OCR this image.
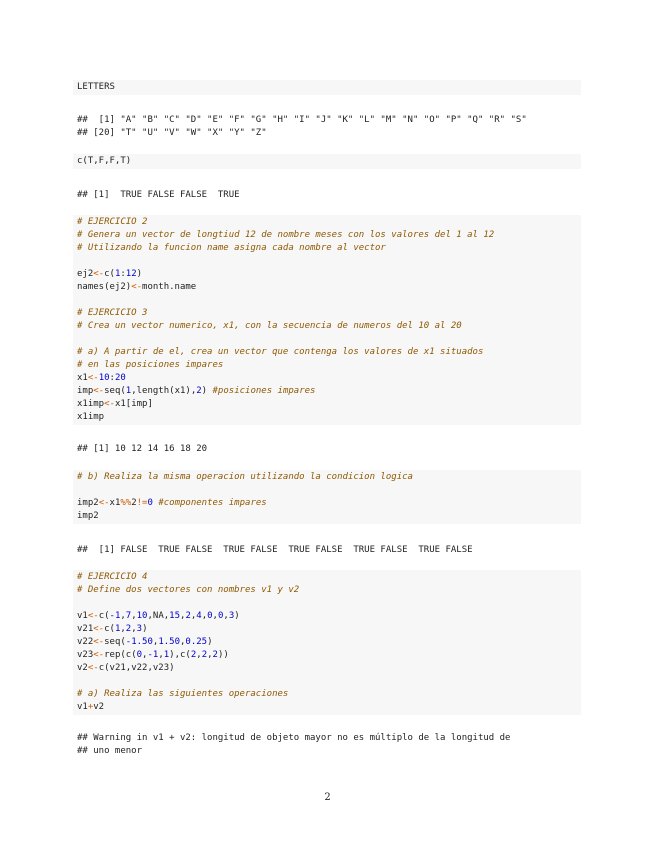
LETTERS
##  [1] "A" "B" "C" "D" "E" "F" "G" "H" "I" "J" "K" "L" "M" "N" "O" "P" "Q" "R" "S"
## [20] "T" "U" "V" "W" "X" "Y" "Z"
c(T,F,F,T)
## [1]  TRUE FALSE FALSE  TRUE
# EJERCICIO 2
# Genera un vector de longtiud 12 de nombre meses con los valores del 1 al 12
# Utilizando la funcion name asigna cada nombre al vector
ej2<-c(1:12)
names(ej2)<-month.name
# EJERCICIO 3
# Crea un vector numerico, x1, con la secuencia de numeros del 10 al 20
# a) A partir de el, crea un vector que contenga los valores de x1 situados
# en las posiciones impares
x1<-10:20
imp<-seq(1,length(x1),2) #posiciones impares
x1imp<-x1[imp]
x1imp
## [1] 10 12 14 16 18 20
# b) Realiza la misma operacion utilizando la condicion logica
imp2<-x1%%2!=0 #componentes impares
imp2
##  [1] FALSE  TRUE FALSE  TRUE FALSE  TRUE FALSE  TRUE FALSE  TRUE FALSE
# EJERCICIO 4
# Define dos vectores con nombres v1 y v2
v1<-c(-1,7,10,NA,15,2,4,0,0,3)
v21<-c(1,2,3)
v22<-seq(-1.50,1.50,0.25)
v23<-rep(c(0,-1,1),c(2,2,2))
v2<-c(v21,v22,v23)
# a) Realiza las siguientes operaciones
v1+v2
## Warning in v1 + v2: longitud de objeto mayor no es múltiplo de la longitud de
## uno menor
2
